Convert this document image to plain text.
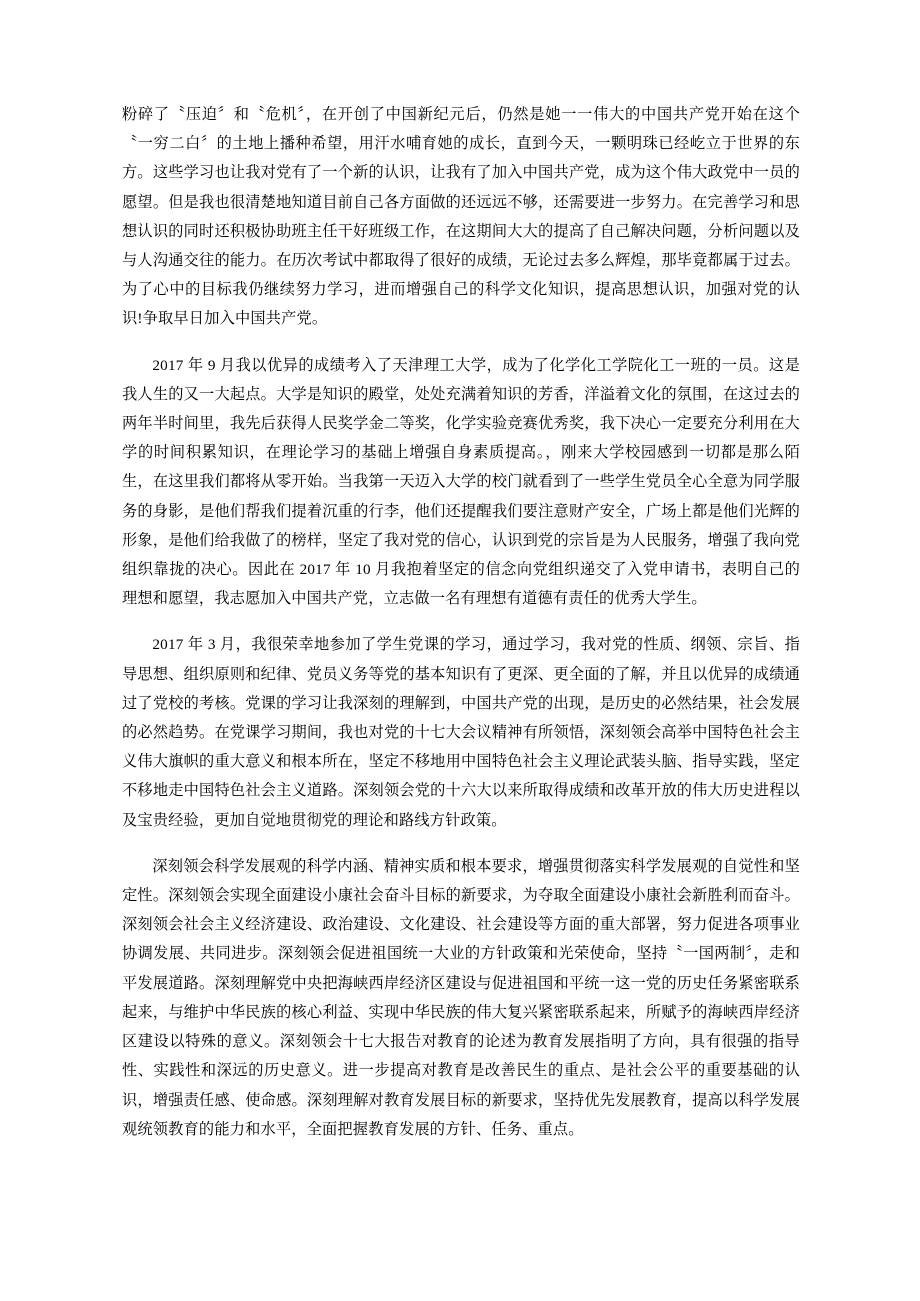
粉碎了〝压迫〞和〝危机〞，在开创了中国新纪元后，仍然是她一一伟大的中国共产党开始在这个〝一穷二白〞的土地上播种希望，用汗水哺育她的成长，直到今天，一颗明珠已经屹立于世界的东方。这些学习也让我对党有了一个新的认识，让我有了加入中国共产党，成为这个伟大政党中一员的愿望。但是我也很清楚地知道目前自己各方面做的还远远不够，还需要进一步努力。在完善学习和思想认识的同时还积极协助班主任干好班级工作，在这期间大大的提高了自己解决问题，分析问题以及与人沟通交往的能力。在历次考试中都取得了很好的成绩，无论过去多么辉煌，那毕竟都属于过去。为了心中的目标我仍继续努力学习，进而增强自己的科学文化知识，提高思想认识，加强对党的认识!争取早日加入中国共产党。

2017 年 9 月我以优异的成绩考入了天津理工大学，成为了化学化工学院化工一班的一员。这是我人生的又一大起点。大学是知识的殿堂，处处充满着知识的芳香，洋溢着文化的氛围，在这过去的两年半时间里，我先后获得人民奖学金二等奖，化学实验竞赛优秀奖，我下决心一定要充分利用在大学的时间积累知识，在理论学习的基础上增强自身素质提高。，刚来大学校园感到一切都是那么陌生，在这里我们都将从零开始。当我第一天迈入大学的校门就看到了一些学生党员全心全意为同学服务的身影，是他们帮我们提着沉重的行李，他们还提醒我们要注意财产安全，广场上都是他们光辉的形象，是他们给我做了的榜样，坚定了我对党的信心，认识到党的宗旨是为人民服务，增强了我向党组织靠拢的决心。因此在 2017 年 10 月我抱着坚定的信念向党组织递交了入党申请书，表明自己的理想和愿望，我志愿加入中国共产党，立志做一名有理想有道德有责任的优秀大学生。

2017 年 3 月，我很荣幸地参加了学生党课的学习，通过学习，我对党的性质、纲领、宗旨、指导思想、组织原则和纪律、党员义务等党的基本知识有了更深、更全面的了解，并且以优异的成绩通过了党校的考核。党课的学习让我深刻的理解到，中国共产党的出现，是历史的必然结果，社会发展的必然趋势。在党课学习期间，我也对党的十七大会议精神有所领悟，深刻领会高举中国特色社会主义伟大旗帜的重大意义和根本所在，坚定不移地用中国特色社会主义理论武装头脑、指导实践，坚定不移地走中国特色社会主义道路。深刻领会党的十六大以来所取得成绩和改革开放的伟大历史进程以及宝贵经验，更加自觉地贯彻党的理论和路线方针政策。

深刻领会科学发展观的科学内涵、精神实质和根本要求，增强贯彻落实科学发展观的自觉性和坚定性。深刻领会实现全面建设小康社会奋斗目标的新要求，为夺取全面建设小康社会新胜利而奋斗。深刻领会社会主义经济建设、政治建设、文化建设、社会建设等方面的重大部署，努力促进各项事业协调发展、共同进步。深刻领会促进祖国统一大业的方针政策和光荣使命，坚持〝一国两制〞，走和平发展道路。深刻理解党中央把海峡西岸经济区建设与促进祖国和平统一这一党的历史任务紧密联系起来，与维护中华民族的核心利益、实现中华民族的伟大复兴紧密联系起来，所赋予的海峡西岸经济区建设以特殊的意义。深刻领会十七大报告对教育的论述为教育发展指明了方向，具有很强的指导性、实践性和深远的历史意义。进一步提高对教育是改善民生的重点、是社会公平的重要基础的认识，增强责任感、使命感。深刻理解对教育发展目标的新要求，坚持优先发展教育，提高以科学发展观统领教育的能力和水平，全面把握教育发展的方针、任务、重点。
